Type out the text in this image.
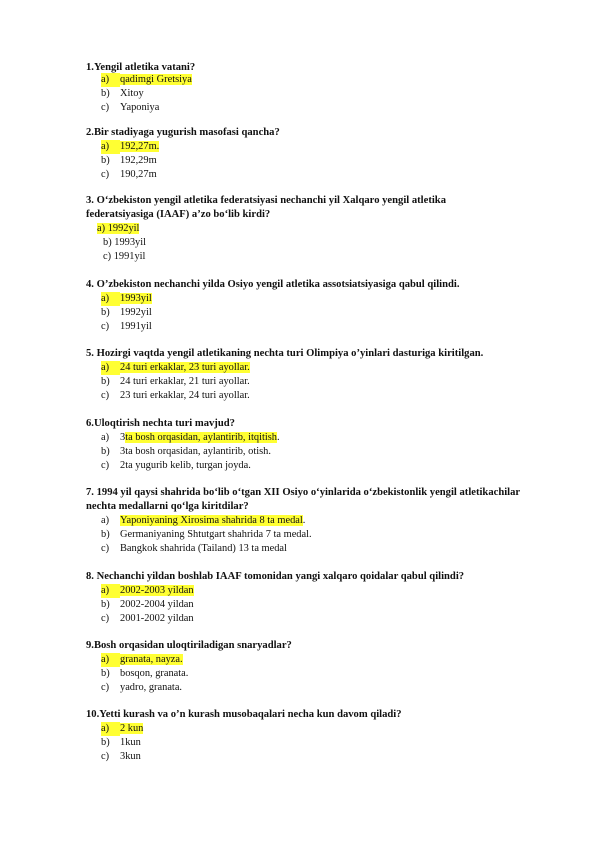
1.Yengil atletika vatani?

a) qadimgi Gretsiya
b) Xitoy
c) Yaponiya

2.Bir stadiyaga yugurish masofasi qancha?

a) 192,27m.
b) 192,29m
c) 190,27m

3. O‘zbekiston yengil atletika federatsiyasi nechanchi yil Xalqaro yengil atletika federatsiyasiga (IAAF) a’zo bo‘lib kirdi?

a) 1992yil
b) 1993yil
c) 1991yil

4. O’zbekiston nechanchi yilda Osiyo yengil atletika assotsiatsiyasiga qabul qilindi.

a) 1993yil
b) 1992yil
c) 1991yil

5. Hozirgi vaqtda yengil atletikaning nechta turi Olimpiya o’yinlari dasturiga kiritilgan.

a) 24 turi erkaklar, 23 turi ayollar.
b) 24 turi erkaklar, 21 turi ayollar.
c) 23 turi erkaklar, 24 turi ayollar.

6.Uloqtirish nechta turi mavjud?

a) 3ta bosh orqasidan, aylantirib, itqitish.
b) 3ta bosh orqasidan, aylantirib, otish.
c) 2ta yugurib kelib, turgan joyda.

7. 1994 yil qaysi shahrida bo‘lib o‘tgan XII Osiyo o‘yinlarida o‘zbekistonlik yengil atletikachilar nechta medallarni qo‘lga kiritdilar?

a) Yaponiyaning Xirosima shahrida 8 ta medal.
b) Germaniyaning Shtutgart shahrida 7 ta medal.
c) Bangkok shahrida (Tailand) 13 ta medal

8. Nechanchi yildan boshlab IAAF tomonidan yangi xalqaro qoidalar qabul qilindi?

a) 2002-2003 yildan
b) 2002-2004 yildan
c) 2001-2002 yildan

9.Bosh orqasidan uloqtiriladigan snaryadlar?

a) granata, nayza.
b) bosqon, granata.
c) yadro, granata.

10.Yetti kurash va o’n kurash musobaqalari necha kun davom qiladi?

a) 2 kun
b) 1kun
c) 3kun
